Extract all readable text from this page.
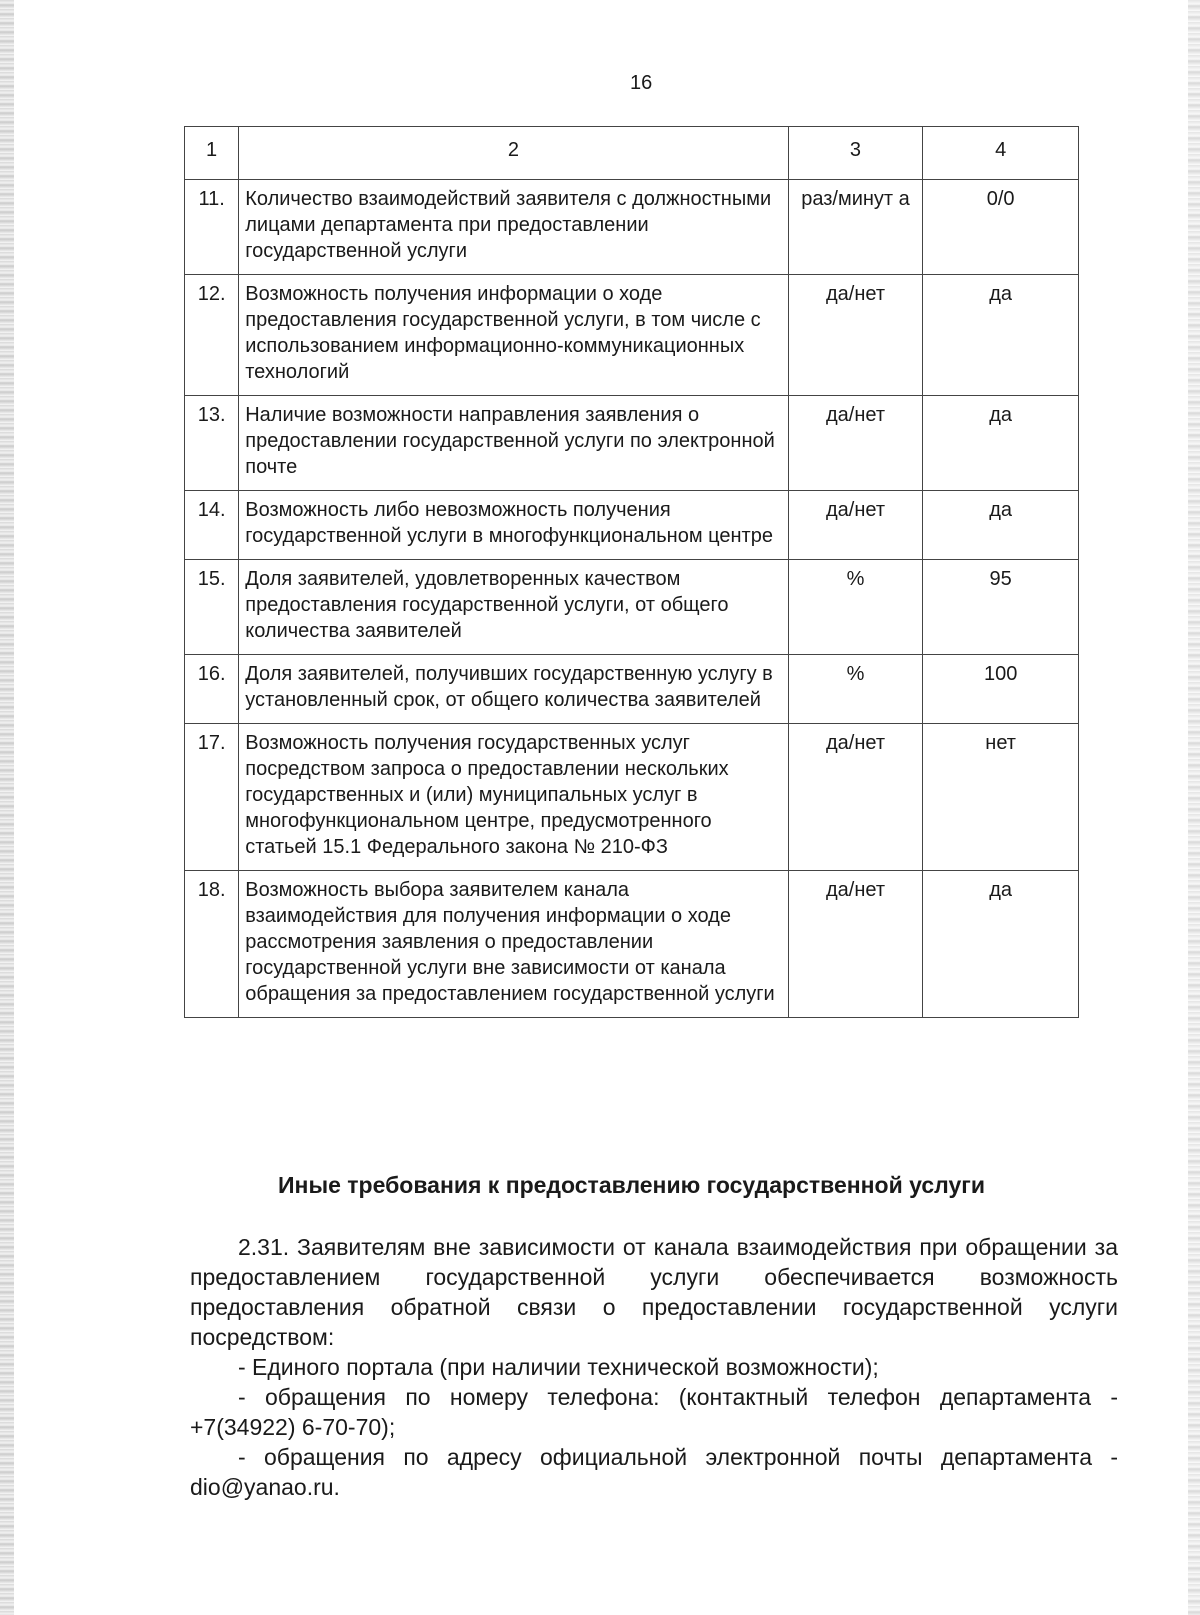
16
1	2	3	4
11.	Количество взаимодействий заявителя с должностными лицами департамента при предоставлении государственной услуги	раз/минут а	0/0
12.	Возможность получения информации о ходе предоставления государственной услуги, в том числе с использованием информационно-коммуникационных технологий	да/нет	да
13.	Наличие возможности направления заявления о предоставлении государственной услуги по электронной почте	да/нет	да
14.	Возможность либо невозможность получения государственной услуги в многофункциональном центре	да/нет	да
15.	Доля заявителей, удовлетворенных качеством предоставления государственной услуги, от общего количества заявителей	%	95
16.	Доля заявителей, получивших государственную услугу в установленный срок, от общего количества заявителей	%	100
17.	Возможность получения государственных услуг посредством запроса о предоставлении нескольких государственных и (или) муниципальных услуг в многофункциональном центре, предусмотренного статьей 15.1 Федерального закона № 210-ФЗ	да/нет	нет
18.	Возможность выбора заявителем канала взаимодействия для получения информации о ходе рассмотрения заявления о предоставлении государственной услуги вне зависимости от канала обращения за предоставлением государственной услуги	да/нет	да
Иные требования к предоставлению государственной услуги

2.31. Заявителям вне зависимости от канала взаимодействия при обращении за предоставлением государственной услуги обеспечивается возможность предоставления обратной связи о предоставлении государственной услуги посредством:

- Единого портала (при наличии технической возможности);

- обращения по номеру телефона: (контактный телефон департамента - +7(34922) 6-70-70);

- обращения по адресу официальной электронной почты департамента - dio@yanao.ru.
